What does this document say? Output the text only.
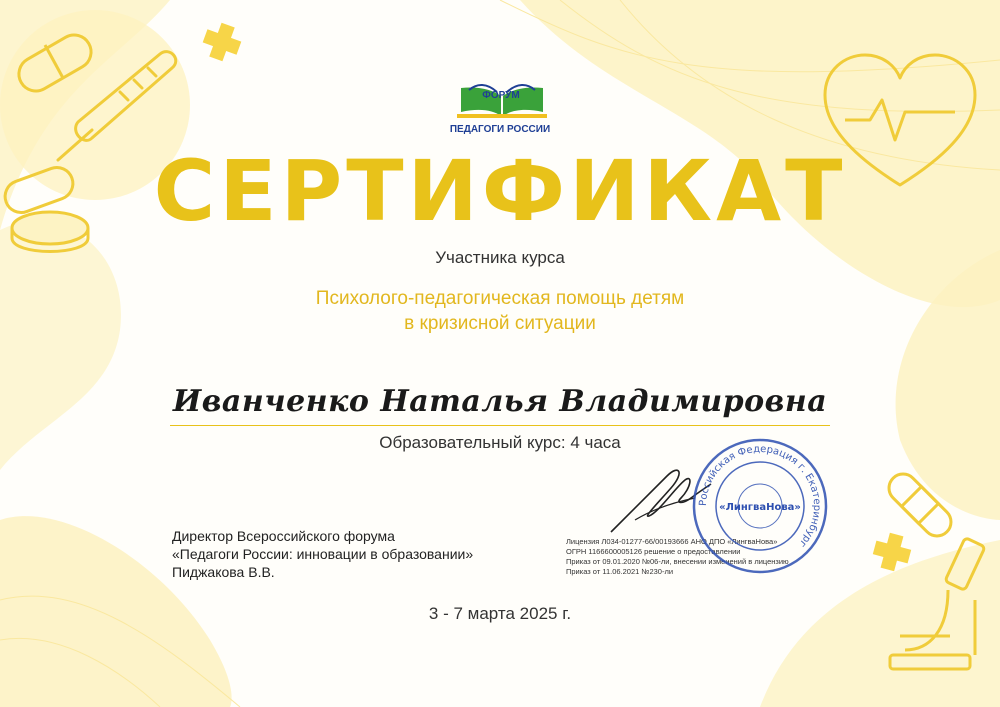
ФОРУМ
ПЕДАГОГИ РОССИИ
СЕРТИФИКАТ
Участника курса
Психолого-педагогическая помощь детям
в кризисной ситуации
Иванченко Наталья Владимировна
Образовательный курс: 4 часа
Директор Всероссийского форума
«Педагоги России: инновации в образовании»
Пиджакова В.В.
Лицензия Л034-01277-66/00193666 АНО ДПО «ЛингваНова»
ОГРН 1166600005126 решение о предоставлении
Приказ от 09.01.2020 №06-ли, внесении изменений в лицензию
Приказ от 11.06.2021 №230-ли
Российская Федерация г. Екатеринбург
«ЛингваНова»
3 - 7 марта 2025 г.
